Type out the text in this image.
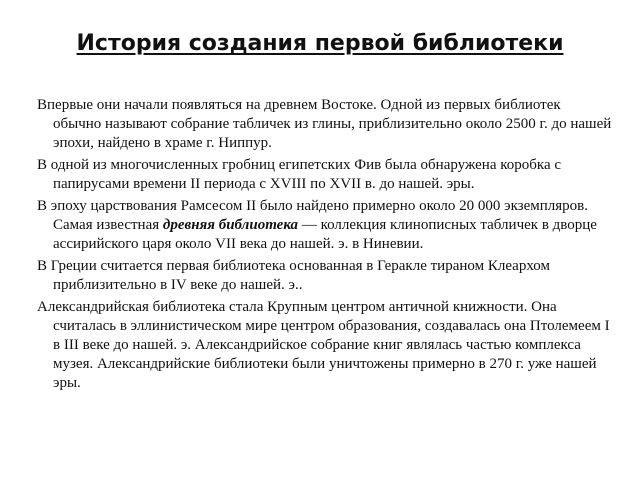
История создания первой библиотеки

Впервые они начали появляться на древнем Востоке. Одной из первых библиотек обычно называют собрание табличек из глины, приблизительно около 2500 г. до нашей эпохи, найдено в храме г. Ниппур.

В одной из многочисленных гробниц египетских Фив была обнаружена коробка с папирусами времени II периода с XVIII по XVII в. до нашей. эры.

В эпоху царствования Рамсесом II было найдено примерно около 20 000 экземпляров. Самая известная древняя библиотека — коллекция клинописных табличек в дворце ассирийского царя около VII века до нашей. э. в Ниневии.

В Греции считается первая библиотека основанная в Геракле тираном Клеархом приблизительно в IV веке до нашей. э..

Александрийская библиотека стала Крупным центром античной книжности. Она считалась в эллинистическом мире центром образования, создавалась она Птолемеем I в III веке до нашей. э. Александрийское собрание книг являлась частью комплекса музея. Александрийские библиотеки были уничтожены примерно в 270 г. уже нашей эры.
